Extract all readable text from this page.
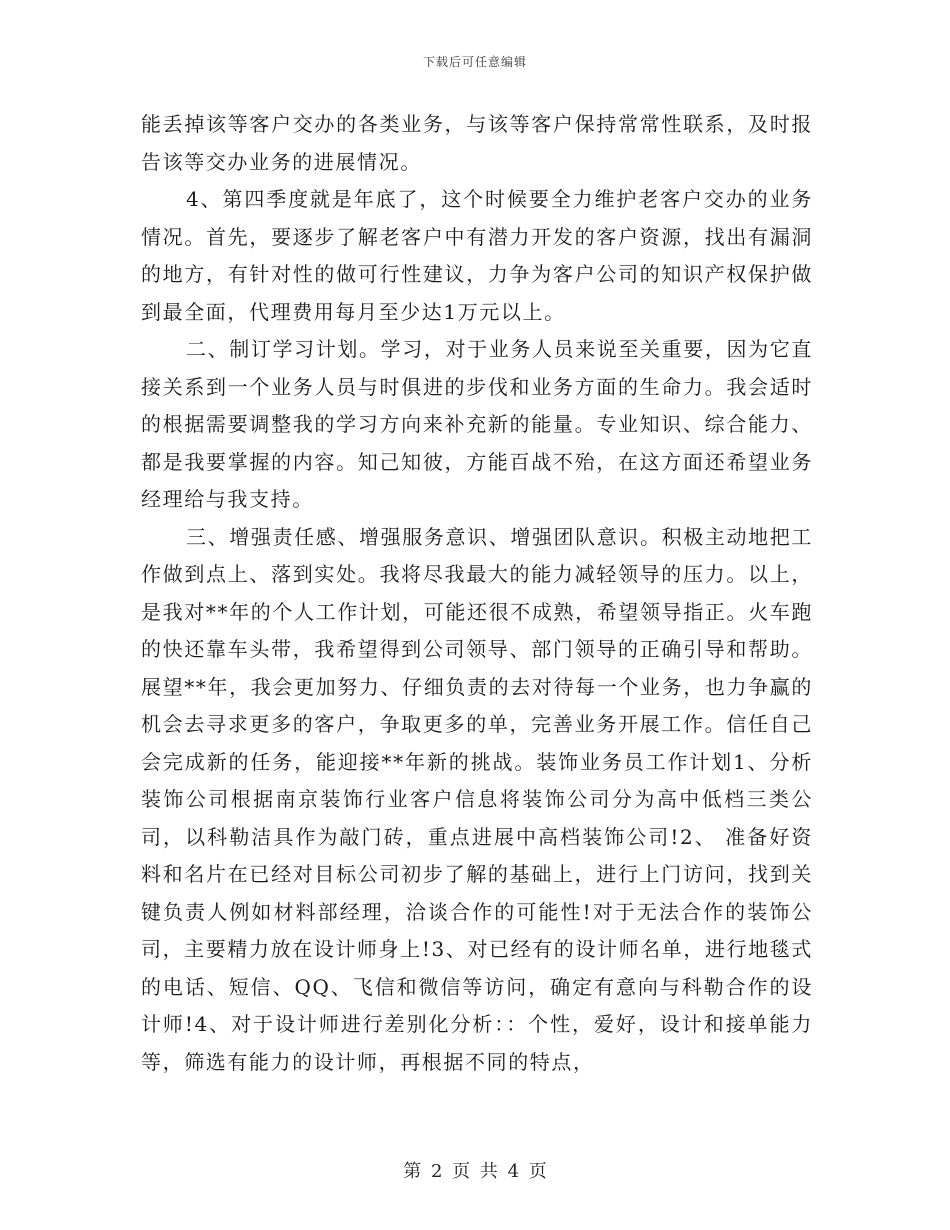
下载后可任意编辑

能丢掉该等客户交办的各类业务，与该等客户保持常常性联系，及时报告该等交办业务的进展情况。

4、第四季度就是年底了，这个时候要全力维护老客户交办的业务情况。首先，要逐步了解老客户中有潜力开发的客户资源，找出有漏洞的地方，有针对性的做可行性建议，力争为客户公司的知识产权保护做到最全面，代理费用每月至少达1万元以上。

二、制订学习计划。学习，对于业务人员来说至关重要，因为它直接关系到一个业务人员与时俱进的步伐和业务方面的生命力。我会适时的根据需要调整我的学习方向来补充新的能量。专业知识、综合能力、都是我要掌握的内容。知己知彼，方能百战不殆，在这方面还希望业务经理给与我支持。

三、增强责任感、增强服务意识、增强团队意识。积极主动地把工作做到点上、落到实处。我将尽我最大的能力减轻领导的压力。以上，是我对**年的个人工作计划，可能还很不成熟，希望领导指正。火车跑的快还靠车头带，我希望得到公司领导、部门领导的正确引导和帮助。展望**年，我会更加努力、仔细负责的去对待每一个业务，也力争赢的机会去寻求更多的客户，争取更多的单，完善业务开展工作。信任自己会完成新的任务，能迎接**年新的挑战。装饰业务员工作计划1、分析装饰公司根据南京装饰行业客户信息将装饰公司分为高中低档三类公司，以科勒洁具作为敲门砖，重点进展中高档装饰公司!2、 准备好资料和名片在已经对目标公司初步了解的基础上，进行上门访问，找到关键负责人例如材料部经理，洽谈合作的可能性!对于无法合作的装饰公司，主要精力放在设计师身上!3、对已经有的设计师名单，进行地毯式的电话、短信、QQ、飞信和微信等访问，确定有意向与科勒合作的设计师!4、对于设计师进行差别化分析：：个性，爱好，设计和接单能力等，筛选有能力的设计师，再根据不同的特点，

第 2 页 共 4 页
